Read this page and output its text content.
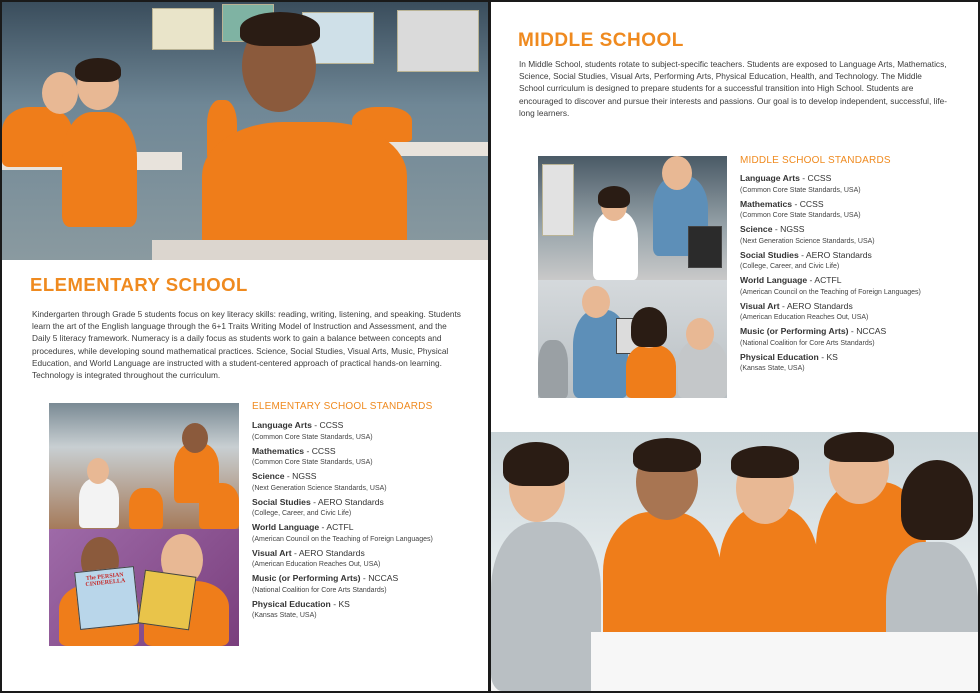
ELEMENTARY SCHOOL

Kindergarten through Grade 5 students focus on key literacy skills: reading, writing, listening, and speaking. Students learn the art of the English language through the 6+1 Traits Writing Model of Instruction and Assessment, and the Daily 5 literacy framework. Numeracy is a daily focus as students work to gain a balance between concepts and procedures, while developing sound mathematical practices. Science, Social Studies, Visual Arts, Music, Physical Education, and World Language are instructed with a student-centered approach of practical hands-on learning. Technology is integrated throughout the curriculum.

The PERSIAN CINDERELLA

ELEMENTARY SCHOOL STANDARDS

Language Arts - CCSS
(Common Core State Standards, USA)
Mathematics - CCSS
(Common Core State Standards, USA)
Science - NGSS
(Next Generation Science Standards, USA)
Social Studies - AERO Standards
(College, Career, and Civic Life)
World Language - ACTFL
(American Council on the Teaching of Foreign Languages)
Visual Art - AERO Standards
(American Education Reaches Out, USA)
Music (or Performing Arts) - NCCAS
(National Coalition for Core Arts Standards)
Physical Education - KS
(Kansas State, USA)
MIDDLE SCHOOL

In Middle School, students rotate to subject-specific teachers. Students are exposed to Language Arts, Mathematics, Science, Social Studies, Visual Arts, Performing Arts, Physical Education, Health, and Technology. The Middle School curriculum is designed to prepare students for a successful transition into High School. Students are encouraged to discover and pursue their interests and passions. Our goal is to develop independent, successful, life-long learners.

MIDDLE SCHOOL STANDARDS

Language Arts - CCSS
(Common Core State Standards, USA)
Mathematics - CCSS
(Common Core State Standards, USA)
Science - NGSS
(Next Generation Science Standards, USA)
Social Studies - AERO Standards
(College, Career, and Civic Life)
World Language - ACTFL
(American Council on the Teaching of Foreign Languages)
Visual Art - AERO Standards
(American Education Reaches Out, USA)
Music (or Performing Arts) - NCCAS
(National Coalition for Core Arts Standards)
Physical Education - KS
(Kansas State, USA)
